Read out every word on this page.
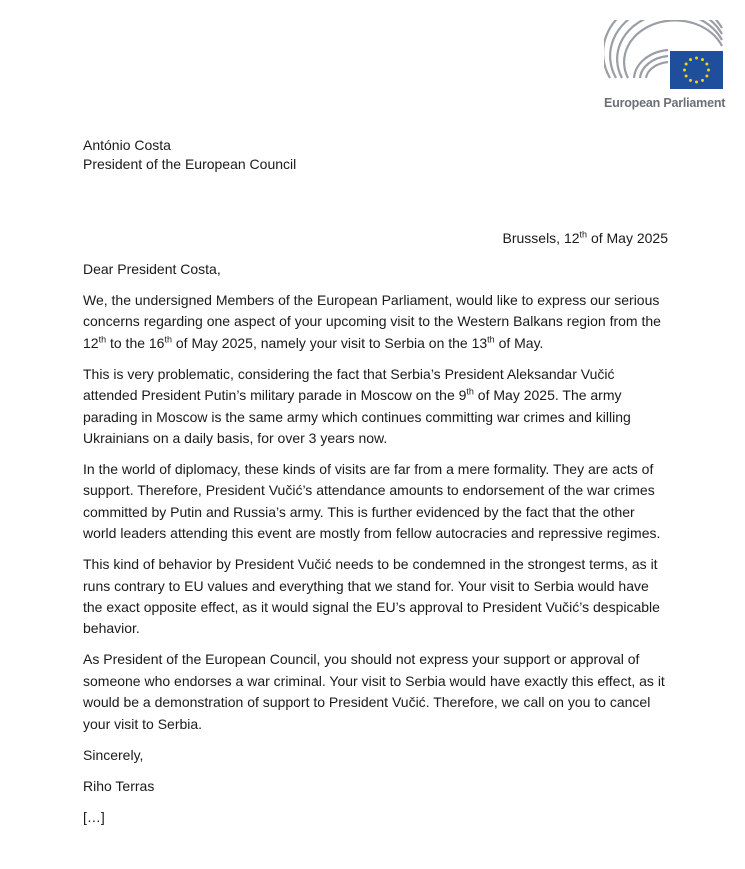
European Parliament
António Costa
President of the European Council
Brussels, 12th of May 2025

Dear President Costa,

We, the undersigned Members of the European Parliament, would like to express our serious concerns regarding one aspect of your upcoming visit to the Western Balkans region from the 12th to the 16th of May 2025, namely your visit to Serbia on the 13th of May.

This is very problematic, considering the fact that Serbia’s President Aleksandar Vučić attended President Putin’s military parade in Moscow on the 9th of May 2025. The army parading in Moscow is the same army which continues committing war crimes and killing Ukrainians on a daily basis, for over 3 years now.

In the world of diplomacy, these kinds of visits are far from a mere formality. They are acts of support. Therefore, President Vučić’s attendance amounts to endorsement of the war crimes committed by Putin and Russia’s army. This is further evidenced by the fact that the other world leaders attending this event are mostly from fellow autocracies and repressive regimes.

This kind of behavior by President Vučić needs to be condemned in the strongest terms, as it runs contrary to EU values and everything that we stand for. Your visit to Serbia would have the exact opposite effect, as it would signal the EU’s approval to President Vučić’s despicable behavior.

As President of the European Council, you should not express your support or approval of someone who endorses a war criminal. Your visit to Serbia would have exactly this effect, as it would be a demonstration of support to President Vučić. Therefore, we call on you to cancel your visit to Serbia.

Sincerely,

Riho Terras

[…]
